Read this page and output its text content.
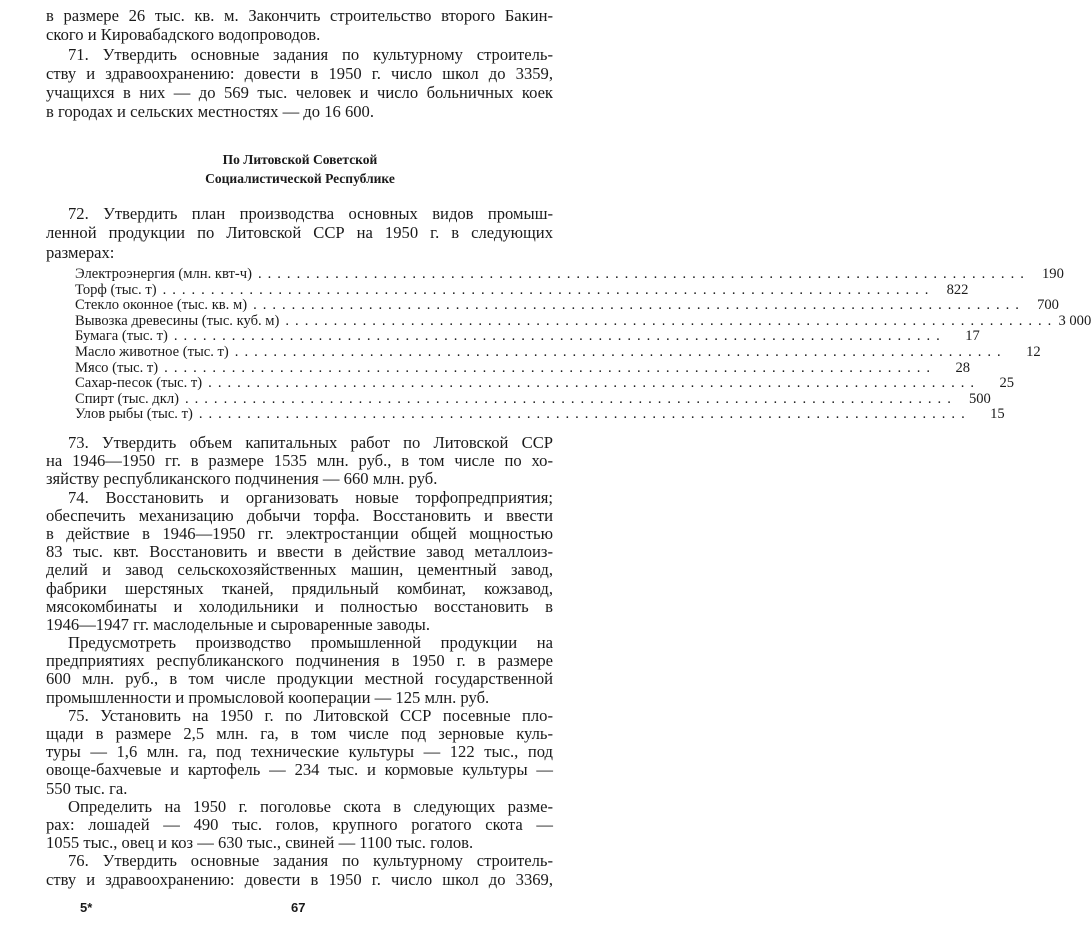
в размере 26 тыс. кв. м. Закончить строительство второго Бакин-
ского и Кировабадского водопроводов.
71. Утвердить основные задания по культурному строитель-
ству и здравоохранению: довести в 1950 г. число школ до 3359,
учащихся в них — до 569 тыс. человек и число больничных коек
в городах и сельских местностях — до 16 600.
По Литовской Советской
Социалистической Республике
72. Утвердить план производства основных видов промыш-
ленной продукции по Литовской ССР на 1950 г. в следующих
размерах:
Электроэнергия (млн. квт-ч) ................................................................................ 190
Торф (тыс. т) ................................................................................ 822
Стекло оконное (тыс. кв. м) ................................................................................ 700
Вывозка древесины (тыс. куб. м) ................................................................................ 3 000
Бумага (тыс. т) ................................................................................	17
Масло животное (тыс. т) ................................................................................	12
Мясо (тыс. т) ................................................................................	28
Сахар-песок (тыс. т) ................................................................................	25
Спирт (тыс. дкл) ................................................................................ 500
Улов рыбы (тыс. т) ................................................................................	15
73. Утвердить объем капитальных работ по Литовской ССР
на 1946—1950 гг. в размере 1535 млн. руб., в том числе по хо-
зяйству республиканского подчинения — 660 млн. руб.
74. Восстановить и организовать новые торфопредприятия;
обеспечить механизацию добычи торфа. Восстановить и ввести
в действие в 1946—1950 гг. электростанции общей мощностью
83 тыс. квт. Восстановить и ввести в действие завод металлоиз-
делий и завод сельскохозяйственных машин, цементный завод,
фабрики шерстяных тканей, прядильный комбинат, кожзавод,
мясокомбинаты и холодильники и полностью восстановить в
1946—1947 гг. маслодельные и сыроваренные заводы.
Предусмотреть производство промышленной продукции на
предприятиях республиканского подчинения в 1950 г. в размере
600 млн. руб., в том числе продукции местной государственной
промышленности и промысловой кооперации — 125 млн. руб.
75. Установить на 1950 г. по Литовской ССР посевные пло-
щади в размере 2,5 млн. га, в том числе под зерновые куль-
туры — 1,6 млн. га, под технические культуры — 122 тыс., под
овоще-бахчевые и картофель — 234 тыс. и кормовые культуры —
550 тыс. га.
Определить на 1950 г. поголовье скота в следующих разме-
рах: лошадей — 490 тыс. голов, крупного рогатого скота —
1055 тыс., овец и коз — 630 тыс., свиней — 1100 тыс. голов.
76. Утвердить основные задания по культурному строитель-
ству и здравоохранению: довести в 1950 г. число школ до 3369,
5*	67
